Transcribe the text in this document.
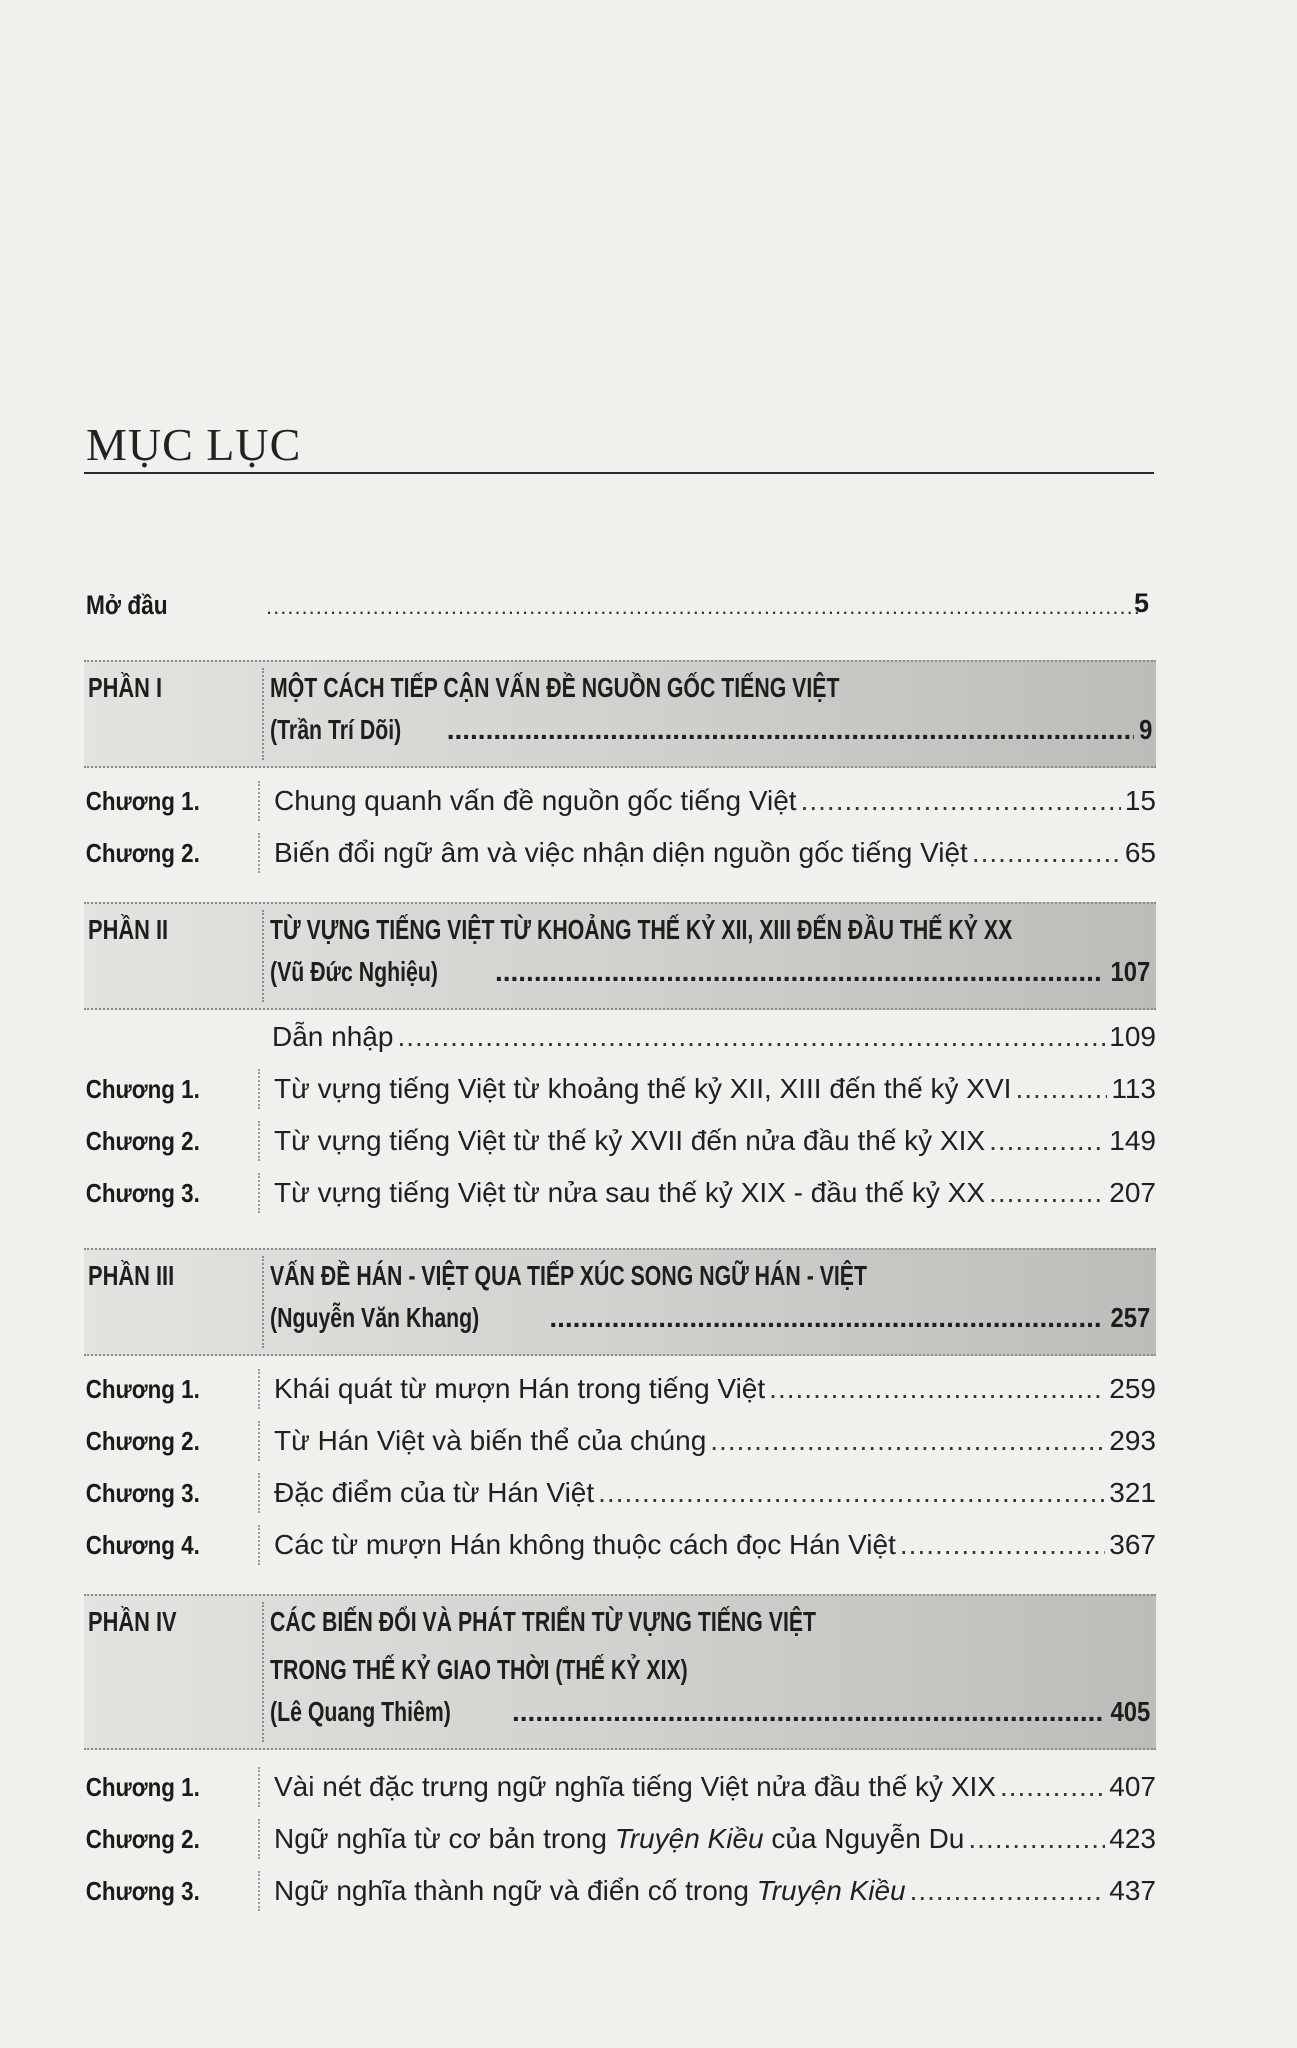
MỤC LỤC
Mở đầu .....	5
PHẦN I	MỘT CÁCH TIẾP CẬN VẤN ĐỀ NGUỒN GỐC TIẾNG VIỆT
(Trần Trí Dõi) .....	9
Chương 1.	Chung quanh vấn đề nguồn gốc tiếng Việt .....	15
Chương 2.	Biến đổi ngữ âm và việc nhận diện nguồn gốc tiếng Việt .....	65
PHẦN II	TỪ VỰNG TIẾNG VIỆT TỪ KHOẢNG THẾ KỶ XII, XIII ĐẾN ĐẦU THẾ KỶ XX
(Vũ Đức Nghiệu) .....	107
Dẫn nhập .....	109
Chương 1.	Từ vựng tiếng Việt từ khoảng thế kỷ XII, XIII đến thế kỷ XVI .....	113
Chương 2.	Từ vựng tiếng Việt từ thế kỷ XVII đến nửa đầu thế kỷ XIX .....	149
Chương 3.	Từ vựng tiếng Việt từ nửa sau thế kỷ XIX - đầu thế kỷ XX .....	207
PHẦN III	VẤN ĐỀ HÁN - VIỆT QUA TIẾP XÚC SONG NGỮ HÁN - VIỆT
(Nguyễn Văn Khang) .....	257
Chương 1.	Khái quát từ mượn Hán trong tiếng Việt .....	259
Chương 2.	Từ Hán Việt và biến thể của chúng .....	293
Chương 3.	Đặc điểm của từ Hán Việt .....	321
Chương 4.	Các từ mượn Hán không thuộc cách đọc Hán Việt .....	367
PHẦN IV	CÁC BIẾN ĐỔI VÀ PHÁT TRIỂN TỪ VỰNG TIẾNG VIỆT
TRONG THẾ KỶ GIAO THỜI (THẾ KỶ XIX)
(Lê Quang Thiêm) .....	405
Chương 1.	Vài nét đặc trưng ngữ nghĩa tiếng Việt nửa đầu thế kỷ XIX .....	407
Chương 2.	Ngữ nghĩa từ cơ bản trong Truyện Kiều của Nguyễn Du .....	423
Chương 3.	Ngữ nghĩa thành ngữ và điển cố trong Truyện Kiều .....	437
